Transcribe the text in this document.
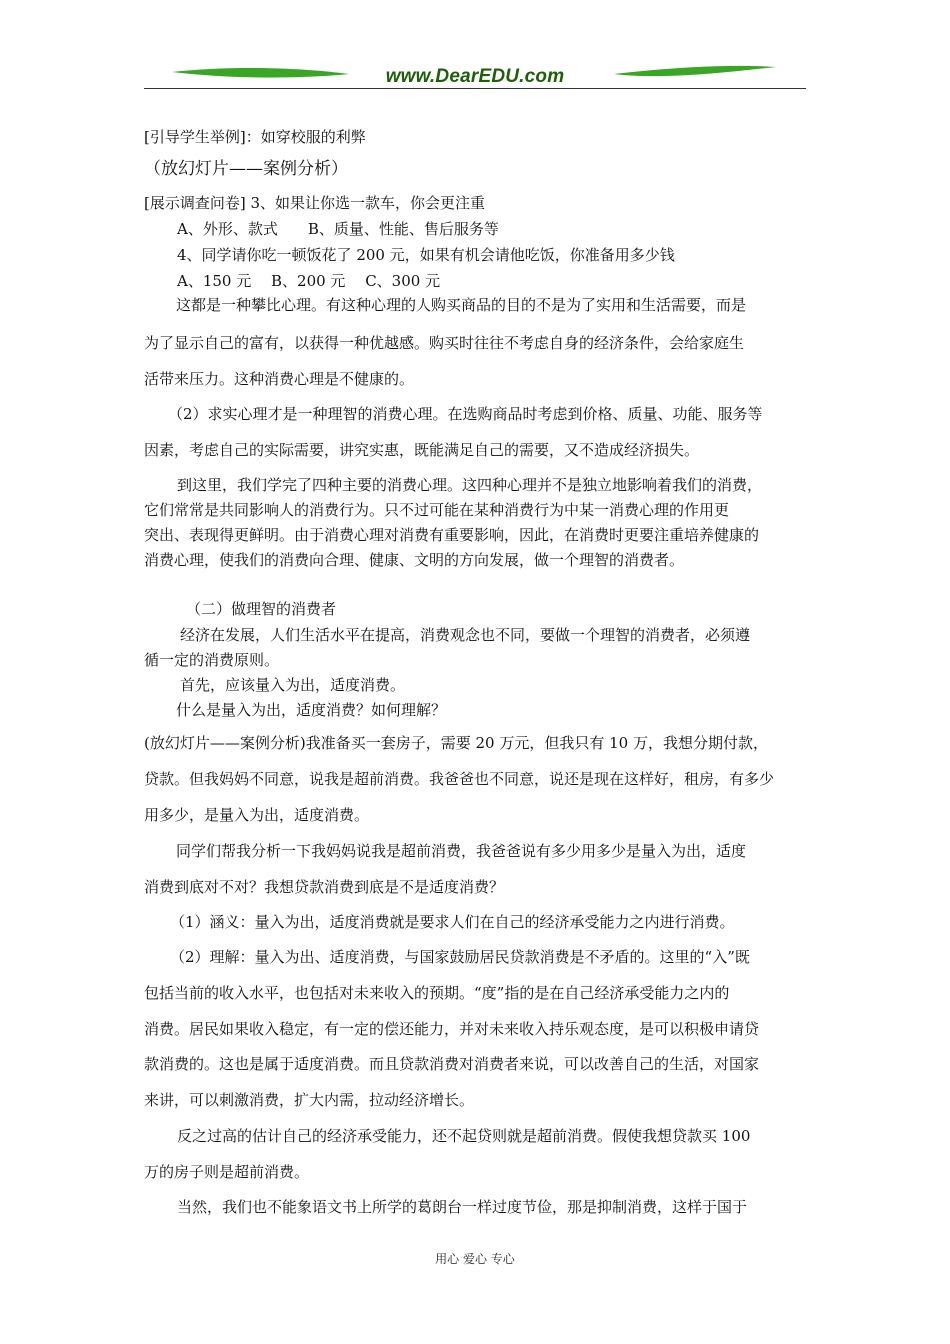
www.DearEDU.com
[引导学生举例]：如穿校服的利弊
（放幻灯片——案例分析）
[展示调查问卷] 3、如果让你选一款车，你会更注重
A、外形、款式　　B、质量、性能、售后服务等
4、同学请你吃一顿饭花了 200 元，如果有机会请他吃饭，你准备用多少钱
A、150 元　 B、200 元　 C、300 元
这都是一种攀比心理。有这种心理的人购买商品的目的不是为了实用和生活需要，而是
为了显示自己的富有，以获得一种优越感。购买时往往不考虑自身的经济条件，会给家庭生
活带来压力。这种消费心理是不健康的。
（2）求实心理才是一种理智的消费心理。在选购商品时考虑到价格、质量、功能、服务等
因素，考虑自己的实际需要，讲究实惠，既能满足自己的需要，又不造成经济损失。
到这里，我们学完了四种主要的消费心理。这四种心理并不是独立地影响着我们的消费，
它们常常是共同影响人的消费行为。只不过可能在某种消费行为中某一消费心理的作用更
突出、表现得更鲜明。由于消费心理对消费有重要影响，因此，在消费时更要注重培养健康的
消费心理，使我们的消费向合理、健康、文明的方向发展，做一个理智的消费者。
（二）做理智的消费者
经济在发展，人们生活水平在提高，消费观念也不同，要做一个理智的消费者，必须遵
循一定的消费原则。
首先，应该量入为出，适度消费。
什么是量入为出，适度消费？如何理解？
(放幻灯片——案例分析)我准备买一套房子，需要 20 万元，但我只有 10 万，我想分期付款，
贷款。但我妈妈不同意，说我是超前消费。我爸爸也不同意，说还是现在这样好，租房，有多少
用多少，是量入为出，适度消费。
同学们帮我分析一下我妈妈说我是超前消费，我爸爸说有多少用多少是量入为出，适度
消费到底对不对？我想贷款消费到底是不是适度消费？
（1）涵义：量入为出，适度消费就是要求人们在自己的经济承受能力之内进行消费。
（2）理解：量入为出、适度消费，与国家鼓励居民贷款消费是不矛盾的。这里的“入”既
包括当前的收入水平，也包括对未来收入的预期。“度”指的是在自己经济承受能力之内的
消费。居民如果收入稳定，有一定的偿还能力，并对未来收入持乐观态度，是可以积极申请贷
款消费的。这也是属于适度消费。而且贷款消费对消费者来说，可以改善自己的生活，对国家
来讲，可以刺激消费，扩大内需，拉动经济增长。
反之过高的估计自己的经济承受能力，还不起贷则就是超前消费。假使我想贷款买 100
万的房子则是超前消费。
当然，我们也不能象语文书上所学的葛朗台一样过度节俭，那是抑制消费，这样于国于
用心 爱心 专心
